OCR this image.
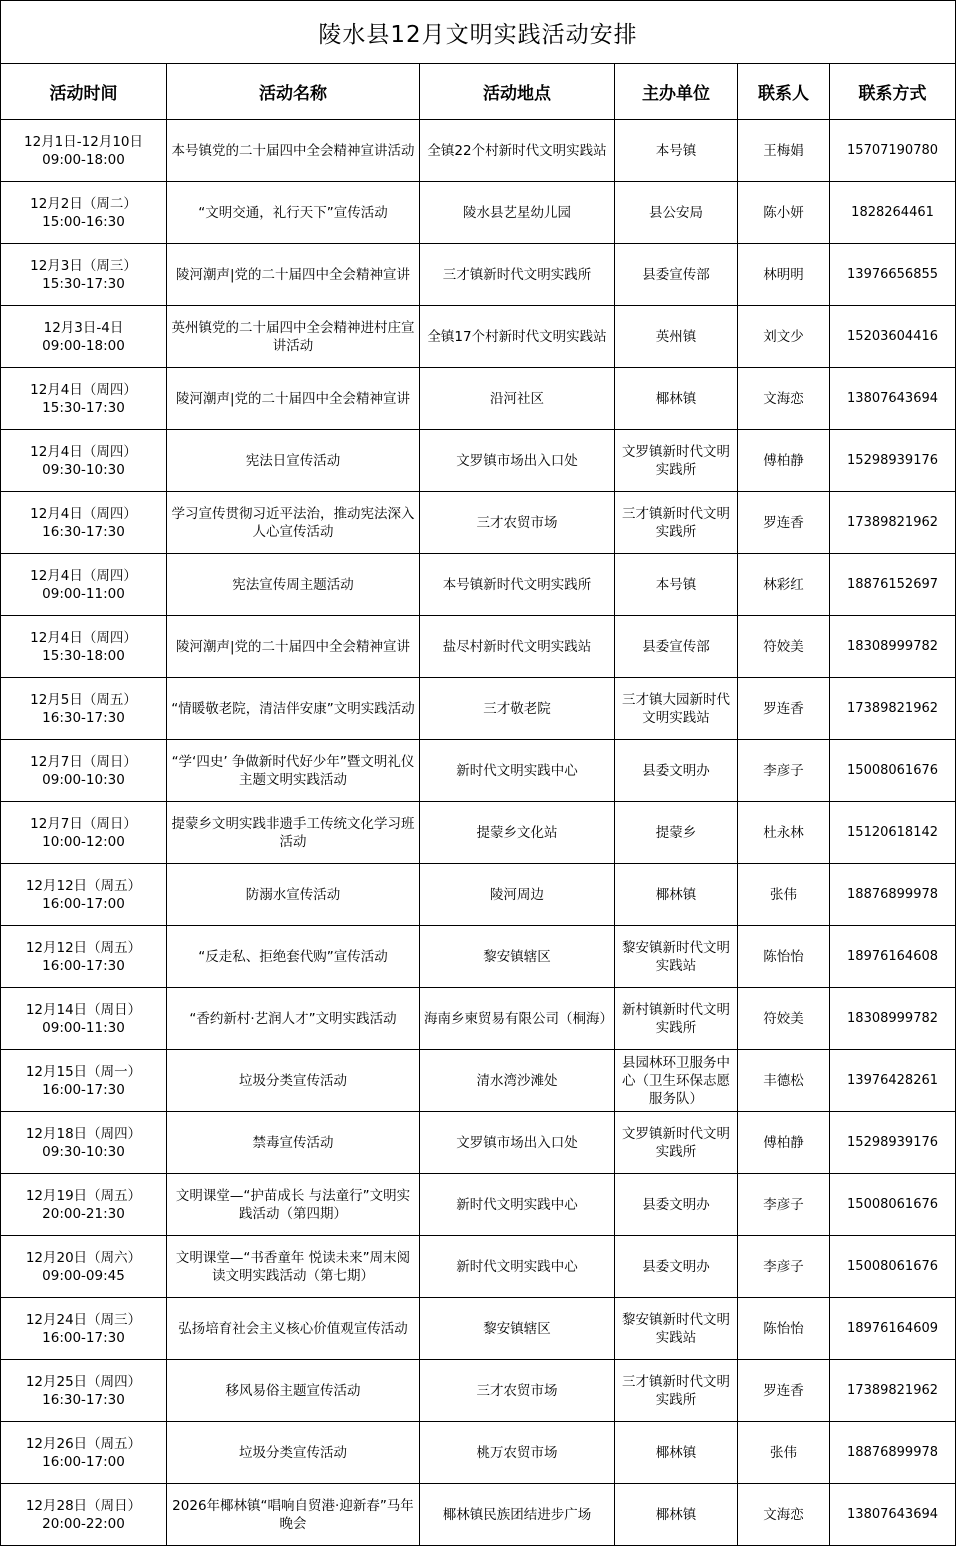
陵水县12月文明实践活动安排					
活动时间	活动名称	活动地点	主办单位	联系人	联系方式

12月1日-12月10日
09:00-18:00	本号镇党的二十届四中全会精神宣讲活动	全镇22个村新时代文明实践站	本号镇	王梅娟	15707190780

12月2日（周二）
15:00-16:30	“文明交通，礼行天下”宣传活动	陵水县艺星幼儿园	县公安局	陈小妍	1828264461

12月3日（周三）
15:30-17:30	陵河潮声|党的二十届四中全会精神宣讲	三才镇新时代文明实践所	县委宣传部	林明明	13976656855

12月3日-4日
09:00-18:00	英州镇党的二十届四中全会精神进村庄宣讲活动	全镇17个村新时代文明实践站	英州镇	刘文少	15203604416

12月4日（周四）
15:30-17:30	陵河潮声|党的二十届四中全会精神宣讲	沿河社区	椰林镇	文海恋	13807643694

12月4日（周四）
09:30-10:30	宪法日宣传活动	文罗镇市场出入口处	文罗镇新时代文明实践所	傅柏静	15298939176

12月4日（周四）
16:30-17:30	学习宣传贯彻习近平法治，推动宪法深入人心宣传活动	三才农贸市场	三才镇新时代文明实践所	罗连香	17389821962

12月4日（周四）
09:00-11:00	宪法宣传周主题活动	本号镇新时代文明实践所	本号镇	林彩红	18876152697

12月4日（周四）
15:30-18:00	陵河潮声|党的二十届四中全会精神宣讲	盐尽村新时代文明实践站	县委宣传部	符姣美	18308999782

12月5日（周五）
16:30-17:30	“情暖敬老院，清洁伴安康”文明实践活动	三才敬老院	三才镇大园新时代文明实践站	罗连香	17389821962

12月7日（周日）
09:00-10:30	“学‘四史’ 争做新时代好少年”暨文明礼仪主题文明实践活动	新时代文明实践中心	县委文明办	李彦子	15008061676

12月7日（周日）
10:00-12:00	提蒙乡文明实践非遗手工传统文化学习班活动	提蒙乡文化站	提蒙乡	杜永林	15120618142

12月12日（周五）
16:00-17:00	防溺水宣传活动	陵河周边	椰林镇	张伟	18876899978

12月12日（周五）
16:00-17:30	“反走私、拒绝套代购”宣传活动	黎安镇辖区	黎安镇新时代文明实践站	陈怡怡	18976164608

12月14日（周日）
09:00-11:30	“香约新村·艺润人才”文明实践活动	海南乡柬贸易有限公司（桐海）	新村镇新时代文明实践所	符姣美	18308999782

12月15日（周一）
16:00-17:30	垃圾分类宣传活动	清水湾沙滩处	县园林环卫服务中心（卫生环保志愿服务队）	丰德松	13976428261

12月18日（周四）
09:30-10:30	禁毒宣传活动	文罗镇市场出入口处	文罗镇新时代文明实践所	傅柏静	15298939176

12月19日（周五）
20:00-21:30	文明课堂—“护苗成长 与法童行”文明实践活动（第四期）	新时代文明实践中心	县委文明办	李彦子	15008061676

12月20日（周六）
09:00-09:45	文明课堂—“书香童年 悦读未来”周末阅读文明实践活动（第七期）	新时代文明实践中心	县委文明办	李彦子	15008061676

12月24日（周三）
16:00-17:30	弘扬培育社会主义核心价值观宣传活动	黎安镇辖区	黎安镇新时代文明实践站	陈怡怡	18976164609

12月25日（周四）
16:30-17:30	移风易俗主题宣传活动	三才农贸市场	三才镇新时代文明实践所	罗连香	17389821962

12月26日（周五）
16:00-17:00	垃圾分类宣传活动	桃万农贸市场	椰林镇	张伟	18876899978

12月28日（周日）
20:00-22:00	2026年椰林镇“唱响自贸港·迎新春”马年晚会	椰林镇民族团结进步广场	椰林镇	文海恋	13807643694
